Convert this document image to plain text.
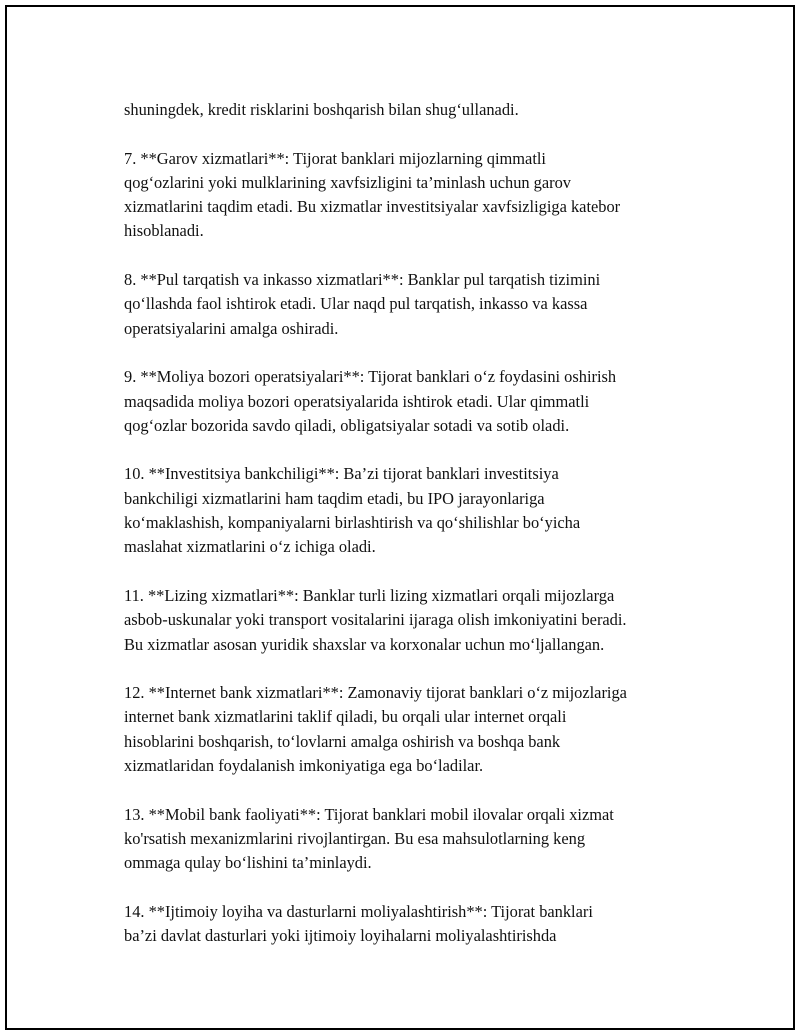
shuningdek, kredit risklarini boshqarish bilan shug‘ullanadi.

7. **Garov xizmatlari**: Tijorat banklari mijozlarning qimmatli
qog‘ozlarini yoki mulklarining xavfsizligini ta’minlash uchun garov
xizmatlarini taqdim etadi. Bu xizmatlar investitsiyalar xavfsizligiga katebor
hisoblanadi.

8. **Pul tarqatish va inkasso xizmatlari**: Banklar pul tarqatish tizimini
qo‘llashda faol ishtirok etadi. Ular naqd pul tarqatish, inkasso va kassa
operatsiyalarini amalga oshiradi.

9. **Moliya bozori operatsiyalari**: Tijorat banklari o‘z foydasini oshirish
maqsadida moliya bozori operatsiyalarida ishtirok etadi. Ular qimmatli
qog‘ozlar bozorida savdo qiladi, obligatsiyalar sotadi va sotib oladi.

10. **Investitsiya bankchiligi**: Ba’zi tijorat banklari investitsiya
bankchiligi xizmatlarini ham taqdim etadi, bu IPO jarayonlariga
ko‘maklashish, kompaniyalarni birlashtirish va qo‘shilishlar bo‘yicha
maslahat xizmatlarini o‘z ichiga oladi.

11. **Lizing xizmatlari**: Banklar turli lizing xizmatlari orqali mijozlarga
asbob-uskunalar yoki transport vositalarini ijaraga olish imkoniyatini beradi.
Bu xizmatlar asosan yuridik shaxslar va korxonalar uchun mo‘ljallangan.

12. **Internet bank xizmatlari**: Zamonaviy tijorat banklari o‘z mijozlariga
internet bank xizmatlarini taklif qiladi, bu orqali ular internet orqali
hisoblarini boshqarish, to‘lovlarni amalga oshirish va boshqa bank
xizmatlaridan foydalanish imkoniyatiga ega bo‘ladilar.

13. **Mobil bank faoliyati**: Tijorat banklari mobil ilovalar orqali xizmat
ko'rsatish mexanizmlarini rivojlantirgan. Bu esa mahsulotlarning keng
ommaga qulay bo‘lishini ta’minlaydi.

14. **Ijtimoiy loyiha va dasturlarni moliyalashtirish**: Tijorat banklari
ba’zi davlat dasturlari yoki ijtimoiy loyihalarni moliyalashtirishda
